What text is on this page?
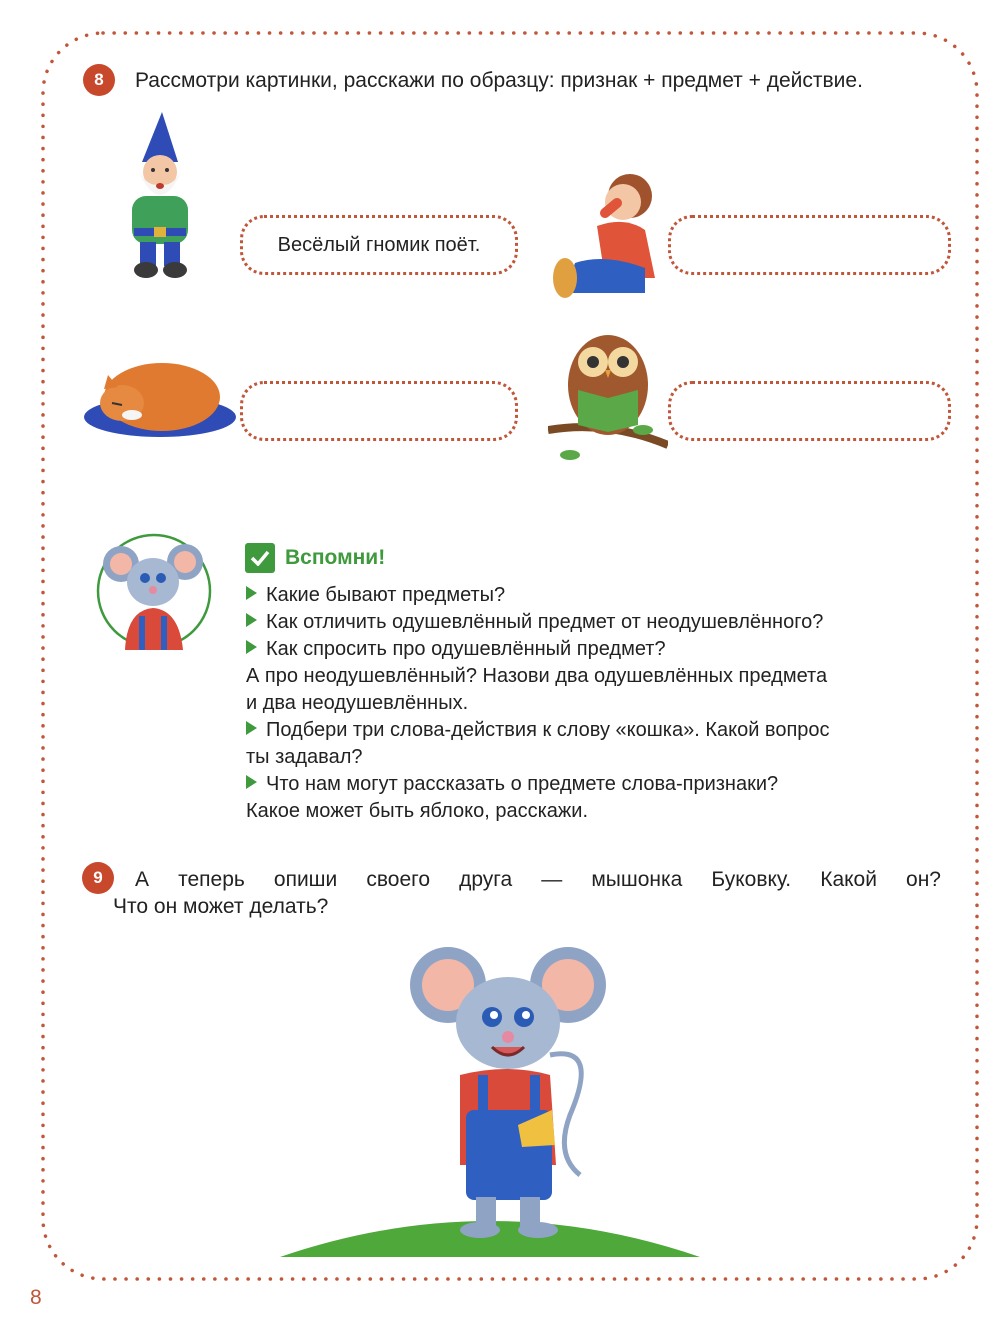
8	Рассмотри картинки, расскажи по образцу: признак + предмет + действие.
Весёлый гномик поёт.
Вспомни!
Какие бывают предметы?
Как отличить одушевлённый предмет от неодушевлённого?
Как спросить про одушевлённый предмет?
А про неодушевлённый? Назови два одушевлённых предмета
и два неодушевлённых.
Подбери три слова-действия к слову «кошка». Какой вопрос
ты задавал?
Что нам могут рассказать о предмете слова-признаки?
Какое может быть яблоко, расскажи.
9	А теперь опиши своего друга — мышонка Буковку. Какой он?
Что он может делать?
8
